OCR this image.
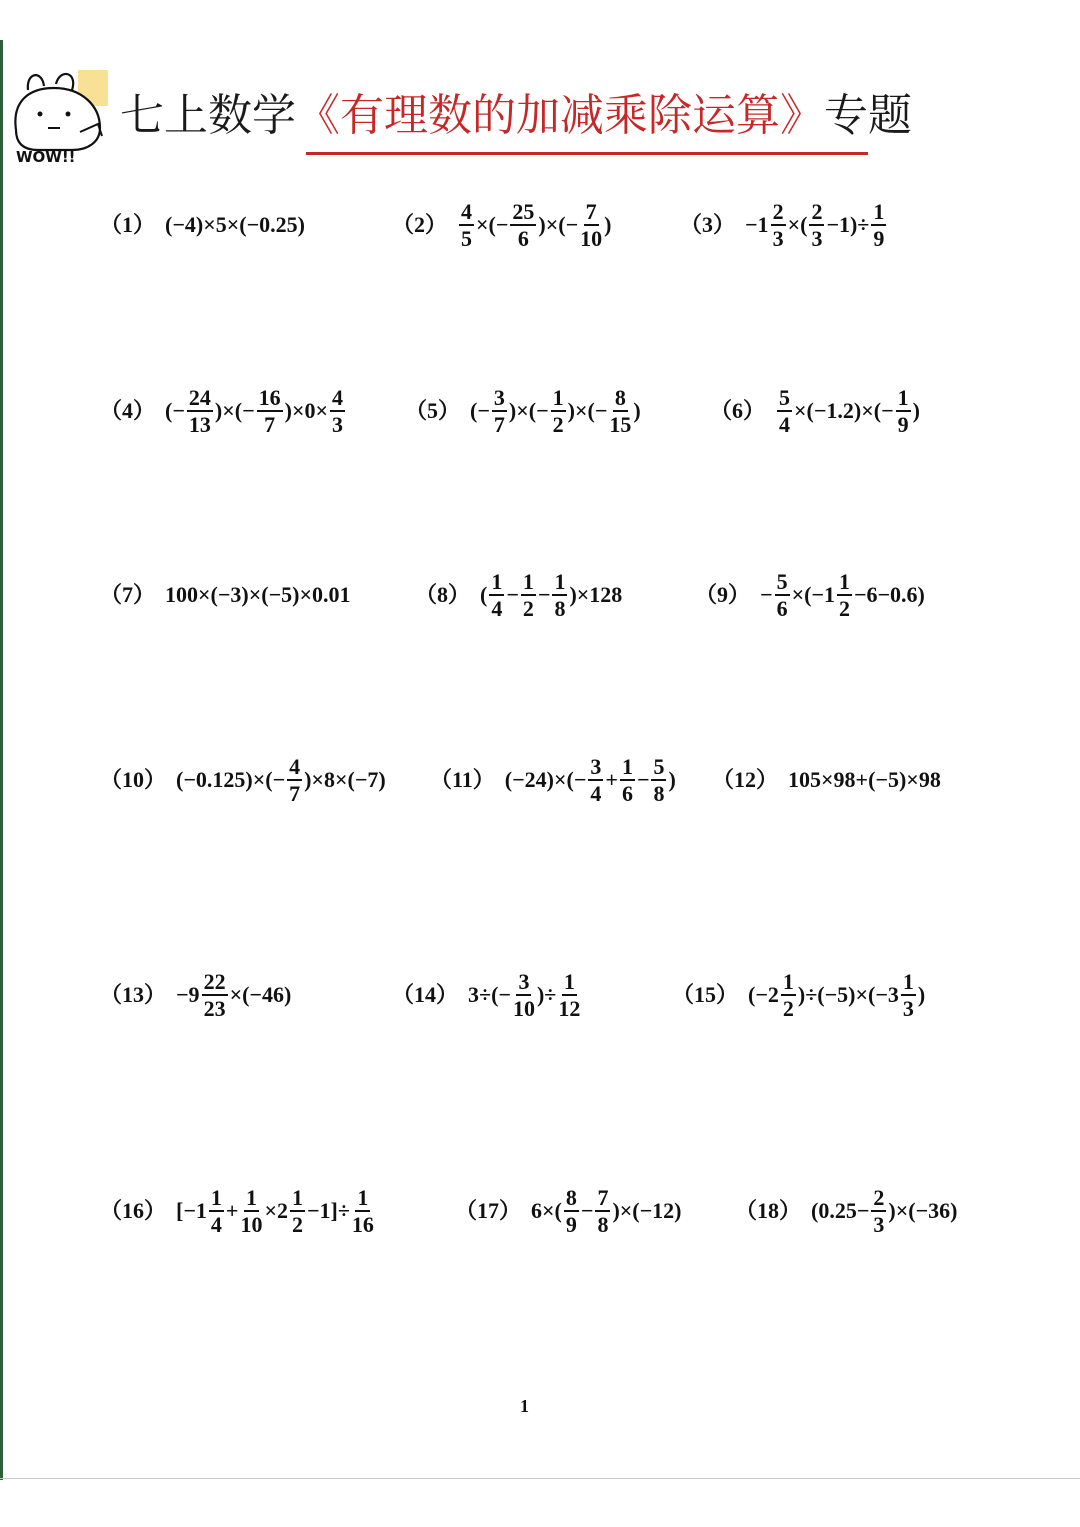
WOW!!
七上数学《有理数的加减乘除运算》专题
（1） (−4)×5×(−0.25)	$(2) \frac{4}{5}$ ×(− $\frac{25}{6}$ )×(− $\frac{7}{10}$ )	$(3) -1 \frac{2}{3}$ ×( $\frac{2}{3} -1)\div \frac{1}{9}$
（4） (− $\frac{24}{13}$ )×(− $\frac{16}{7} )\times 0\times \frac{4}{3}$	（5） (− $\frac{3}{7}$ )×(− $\frac{1}{2}$ )×(− $\frac{8}{15}$ )	$(6) \frac{5}{4} \times(-1.2)\times(- \frac{1}{9}$ )
（7） 100×(−3)×(−5)×0.01	（8） ( $\frac{1}{4} - \frac{1}{2} - \frac{1}{8} )\times 128$	$(9) - \frac{5}{6} \times(-1 \frac{1}{2} -6-0.6)$
（10） $(-0.125)\times(- \frac{4}{7} )\times 8\times(-7)$ （11） $(-24)\times(- \frac{3}{4} + \frac{1}{6} - \frac{5}{8}$ ) （12） 105×98+(−5)×98
$(13) -9 \frac{22}{23} \times(-46)$	（14） $3\div(- \frac{3}{10}$ )÷ $\frac{1}{12}$	（15） $(-2 \frac{1}{2} )\div(-5)\times(-3 \frac{1}{3}$ )
（16） $[-1 \frac{1}{4} + \frac{1}{10} \times 2 \frac{1}{2} -1]\div \frac{1}{16}$	（17） $6\times( \frac{8}{9} - \frac{7}{8} )\times(-12)$ （18） $(0.25- \frac{2}{3} )\times(-36)$
1
